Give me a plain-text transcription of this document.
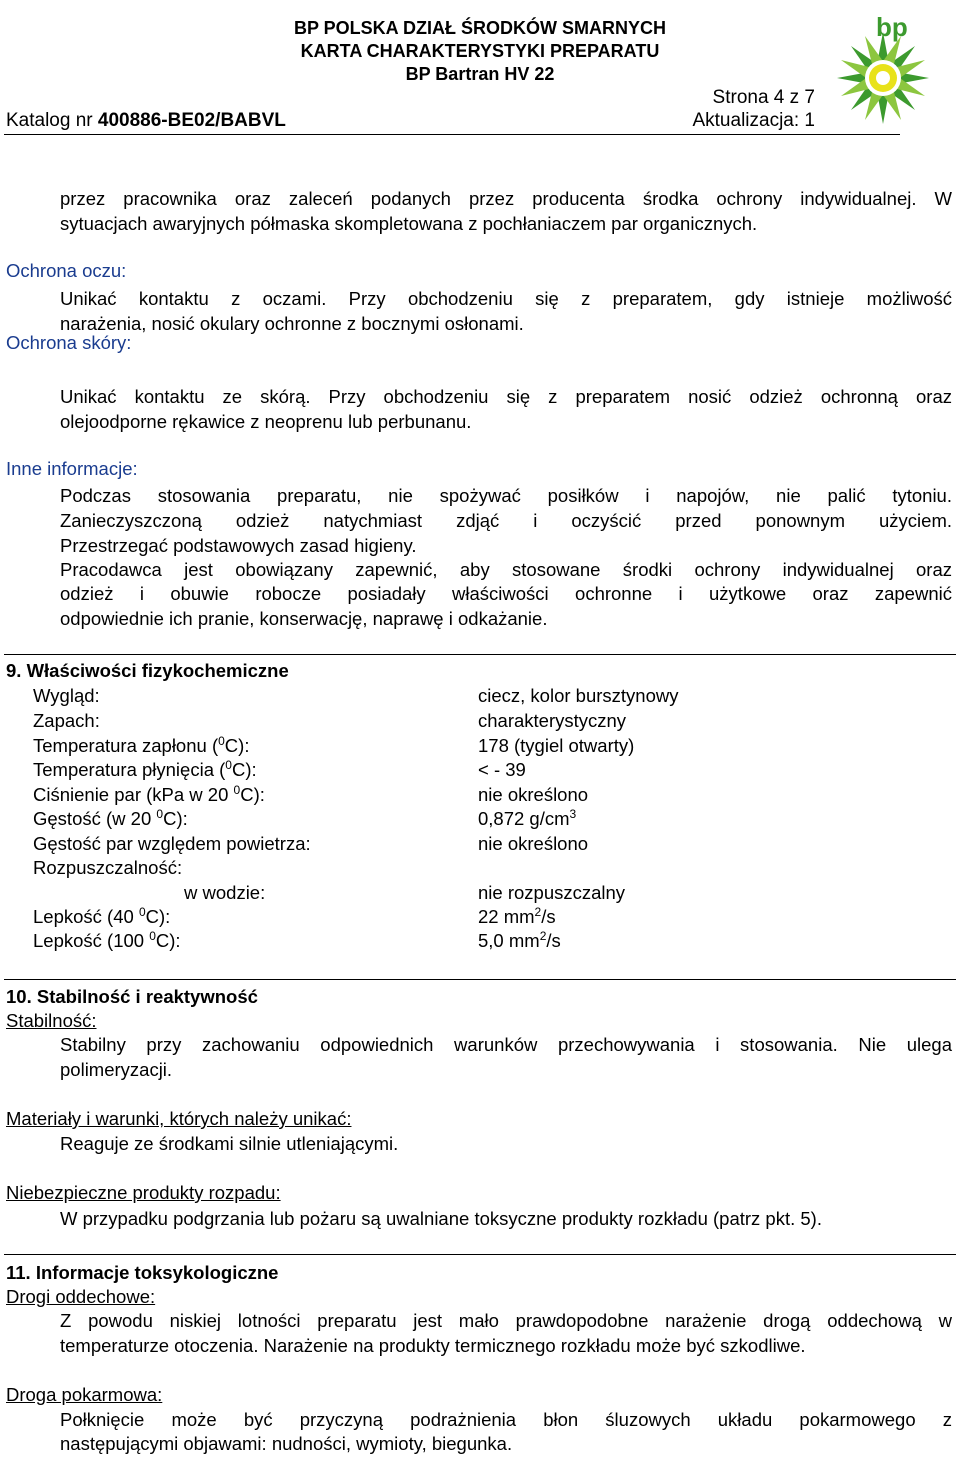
BP POLSKA DZIAŁ ŚRODKÓW SMARNYCH
KARTA CHARAKTERYSTYKI PREPARATU
BP Bartran HV 22
Strona 4 z 7
Katalog nr 400886-BE02/BABVL	Aktualizacja: 1
bp
przez pracownika oraz zaleceń podanych przez producenta środka ochrony indywidualnej. W
sytuacjach awaryjnych półmaska skompletowana z pochłaniaczem par organicznych.
Ochrona oczu:
Unikać kontaktu z oczami. Przy obchodzeniu się z preparatem, gdy istnieje możliwość
narażenia, nosić okulary ochronne z bocznymi osłonami.
Ochrona skóry:
Unikać kontaktu ze skórą. Przy obchodzeniu się z preparatem nosić odzież ochronną oraz
olejoodporne rękawice z neoprenu lub perbunanu.
Inne informacje:
Podczas stosowania preparatu, nie spożywać posiłków i napojów, nie palić tytoniu.
Zanieczyszczoną odzież natychmiast zdjąć i oczyścić przed ponownym użyciem.
Przestrzegać podstawowych zasad higieny.
Pracodawca jest obowiązany zapewnić, aby stosowane środki ochrony indywidualnej oraz
odzież i obuwie robocze posiadały właściwości ochronne i użytkowe oraz zapewnić
odpowiednie ich pranie, konserwację, naprawę i odkażanie.
9. Właściwości fizykochemiczne
Wygląd:	ciecz, kolor bursztynowy
Zapach:	charakterystyczny
Temperatura zapłonu ($^0$C):	178 (tygiel otwarty)
Temperatura płynięcia ($^0$C):	< - 39
Ciśnienie par (kPa w 20 $^0$C):	nie określono
Gęstość (w 20 $^0$C):	0,872 $g/cm^3$
Gęstość par względem powietrza:	nie określono
Rozpuszczalność:
w wodzie:	nie rozpuszczalny
Lepkość (40 $^0$C):	22 $mm^2/s$
Lepkość (100 $^0$C):	5,0 $mm^2/s$
10. Stabilność i reaktywność
Stabilność:
Stabilny przy zachowaniu odpowiednich warunków przechowywania i stosowania. Nie ulega
polimeryzacji.
Materiały i warunki, których należy unikać:
Reaguje ze środkami silnie utleniającymi.
Niebezpieczne produkty rozpadu:
W przypadku podgrzania lub pożaru są uwalniane toksyczne produkty rozkładu (patrz pkt. 5).
11. Informacje toksykologiczne
Drogi oddechowe:
Z powodu niskiej lotności preparatu jest mało prawdopodobne narażenie drogą oddechową w
temperaturze otoczenia. Narażenie na produkty termicznego rozkładu może być szkodliwe.
Droga pokarmowa:
Połknięcie może być przyczyną podrażnienia błon śluzowych układu pokarmowego z
następującymi objawami: nudności, wymioty, biegunka.
